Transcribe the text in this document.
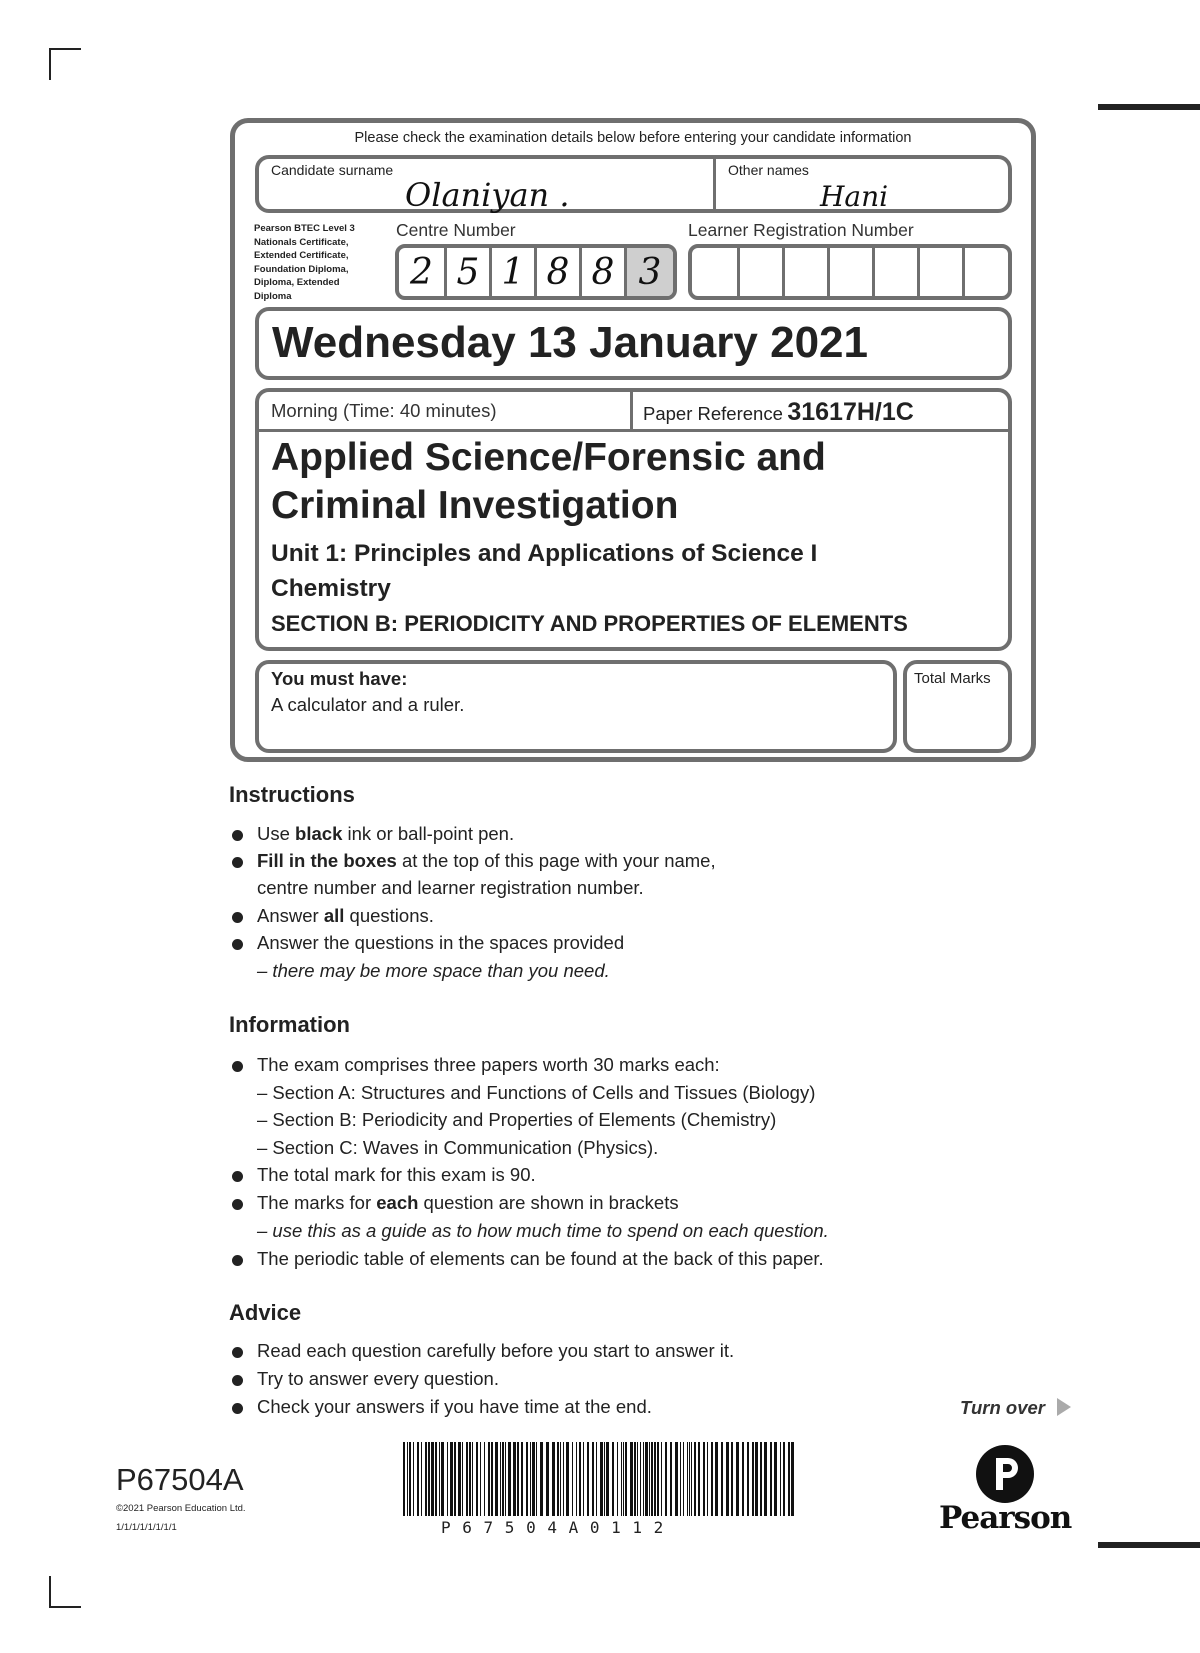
Please check the examination details below before entering your candidate information
Candidate surname
Olaniyan .
Other names
Hani
Pearson BTEC Level 3 Nationals Certificate, Extended Certificate, Foundation Diploma, Diploma, Extended Diploma
Centre Number
2 5 1 8 8 3
Learner Registration Number
Wednesday 13 January 2021
Morning (Time: 40 minutes)	Paper Reference 31617H/1C
Applied Science/Forensic and
Criminal Investigation
Unit 1: Principles and Applications of Science I
Chemistry
SECTION B: PERIODICITY AND PROPERTIES OF ELEMENTS
You must have:
A calculator and a ruler.
Total Marks
Instructions
Use black ink or ball-point pen.
Fill in the boxes at the top of this page with your name,
centre number and learner registration number.
Answer all questions.
Answer the questions in the spaces provided
– there may be more space than you need.
Information
The exam comprises three papers worth 30 marks each:
– Section A: Structures and Functions of Cells and Tissues (Biology)
– Section B: Periodicity and Properties of Elements (Chemistry)
– Section C: Waves in Communication (Physics).
The total mark for this exam is 90.
The marks for each question are shown in brackets
– use this as a guide as to how much time to spend on each question.
The periodic table of elements can be found at the back of this paper.
Advice
Read each question carefully before you start to answer it.
Try to answer every question.
Check your answers if you have time at the end.	Turn over
P67504A
©2021 Pearson Education Ltd.
1/1/1/1/1/1/1/1	P 6 7 5 0 4 A 0 1 1 2	Pearson
